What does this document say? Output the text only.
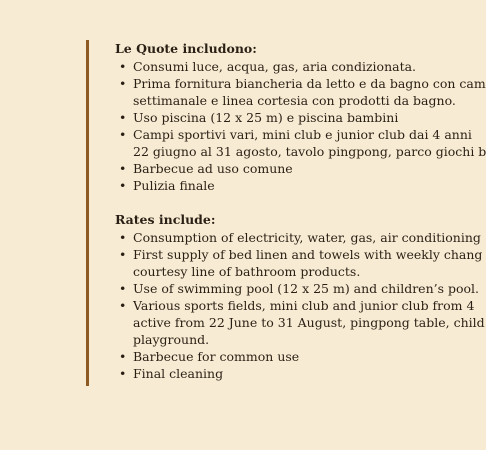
Le Quote includono:
• Consumi luce, acqua, gas, aria condizionata.
• Prima fornitura biancheria da letto e da bagno con cam
settimanale e linea cortesia con prodotti da bagno.
• Uso piscina (12 x 25 m) e piscina bambini
• Campi sportivi vari, mini club e junior club dai 4 anni
22 giugno al 31 agosto, tavolo pingpong, parco giochi b
• Barbecue ad uso comune
• Pulizia finale
Rates include:
• Consumption of electricity, water, gas, air conditioning
• First supply of bed linen and towels with weekly chang
courtesy line of bathroom products.
• Use of swimming pool (12 x 25 m) and children’s pool.
• Various sports fields, mini club and junior club from 4
active from 22 June to 31 August, pingpong table, child
playground.
• Barbecue for common use
• Final cleaning
